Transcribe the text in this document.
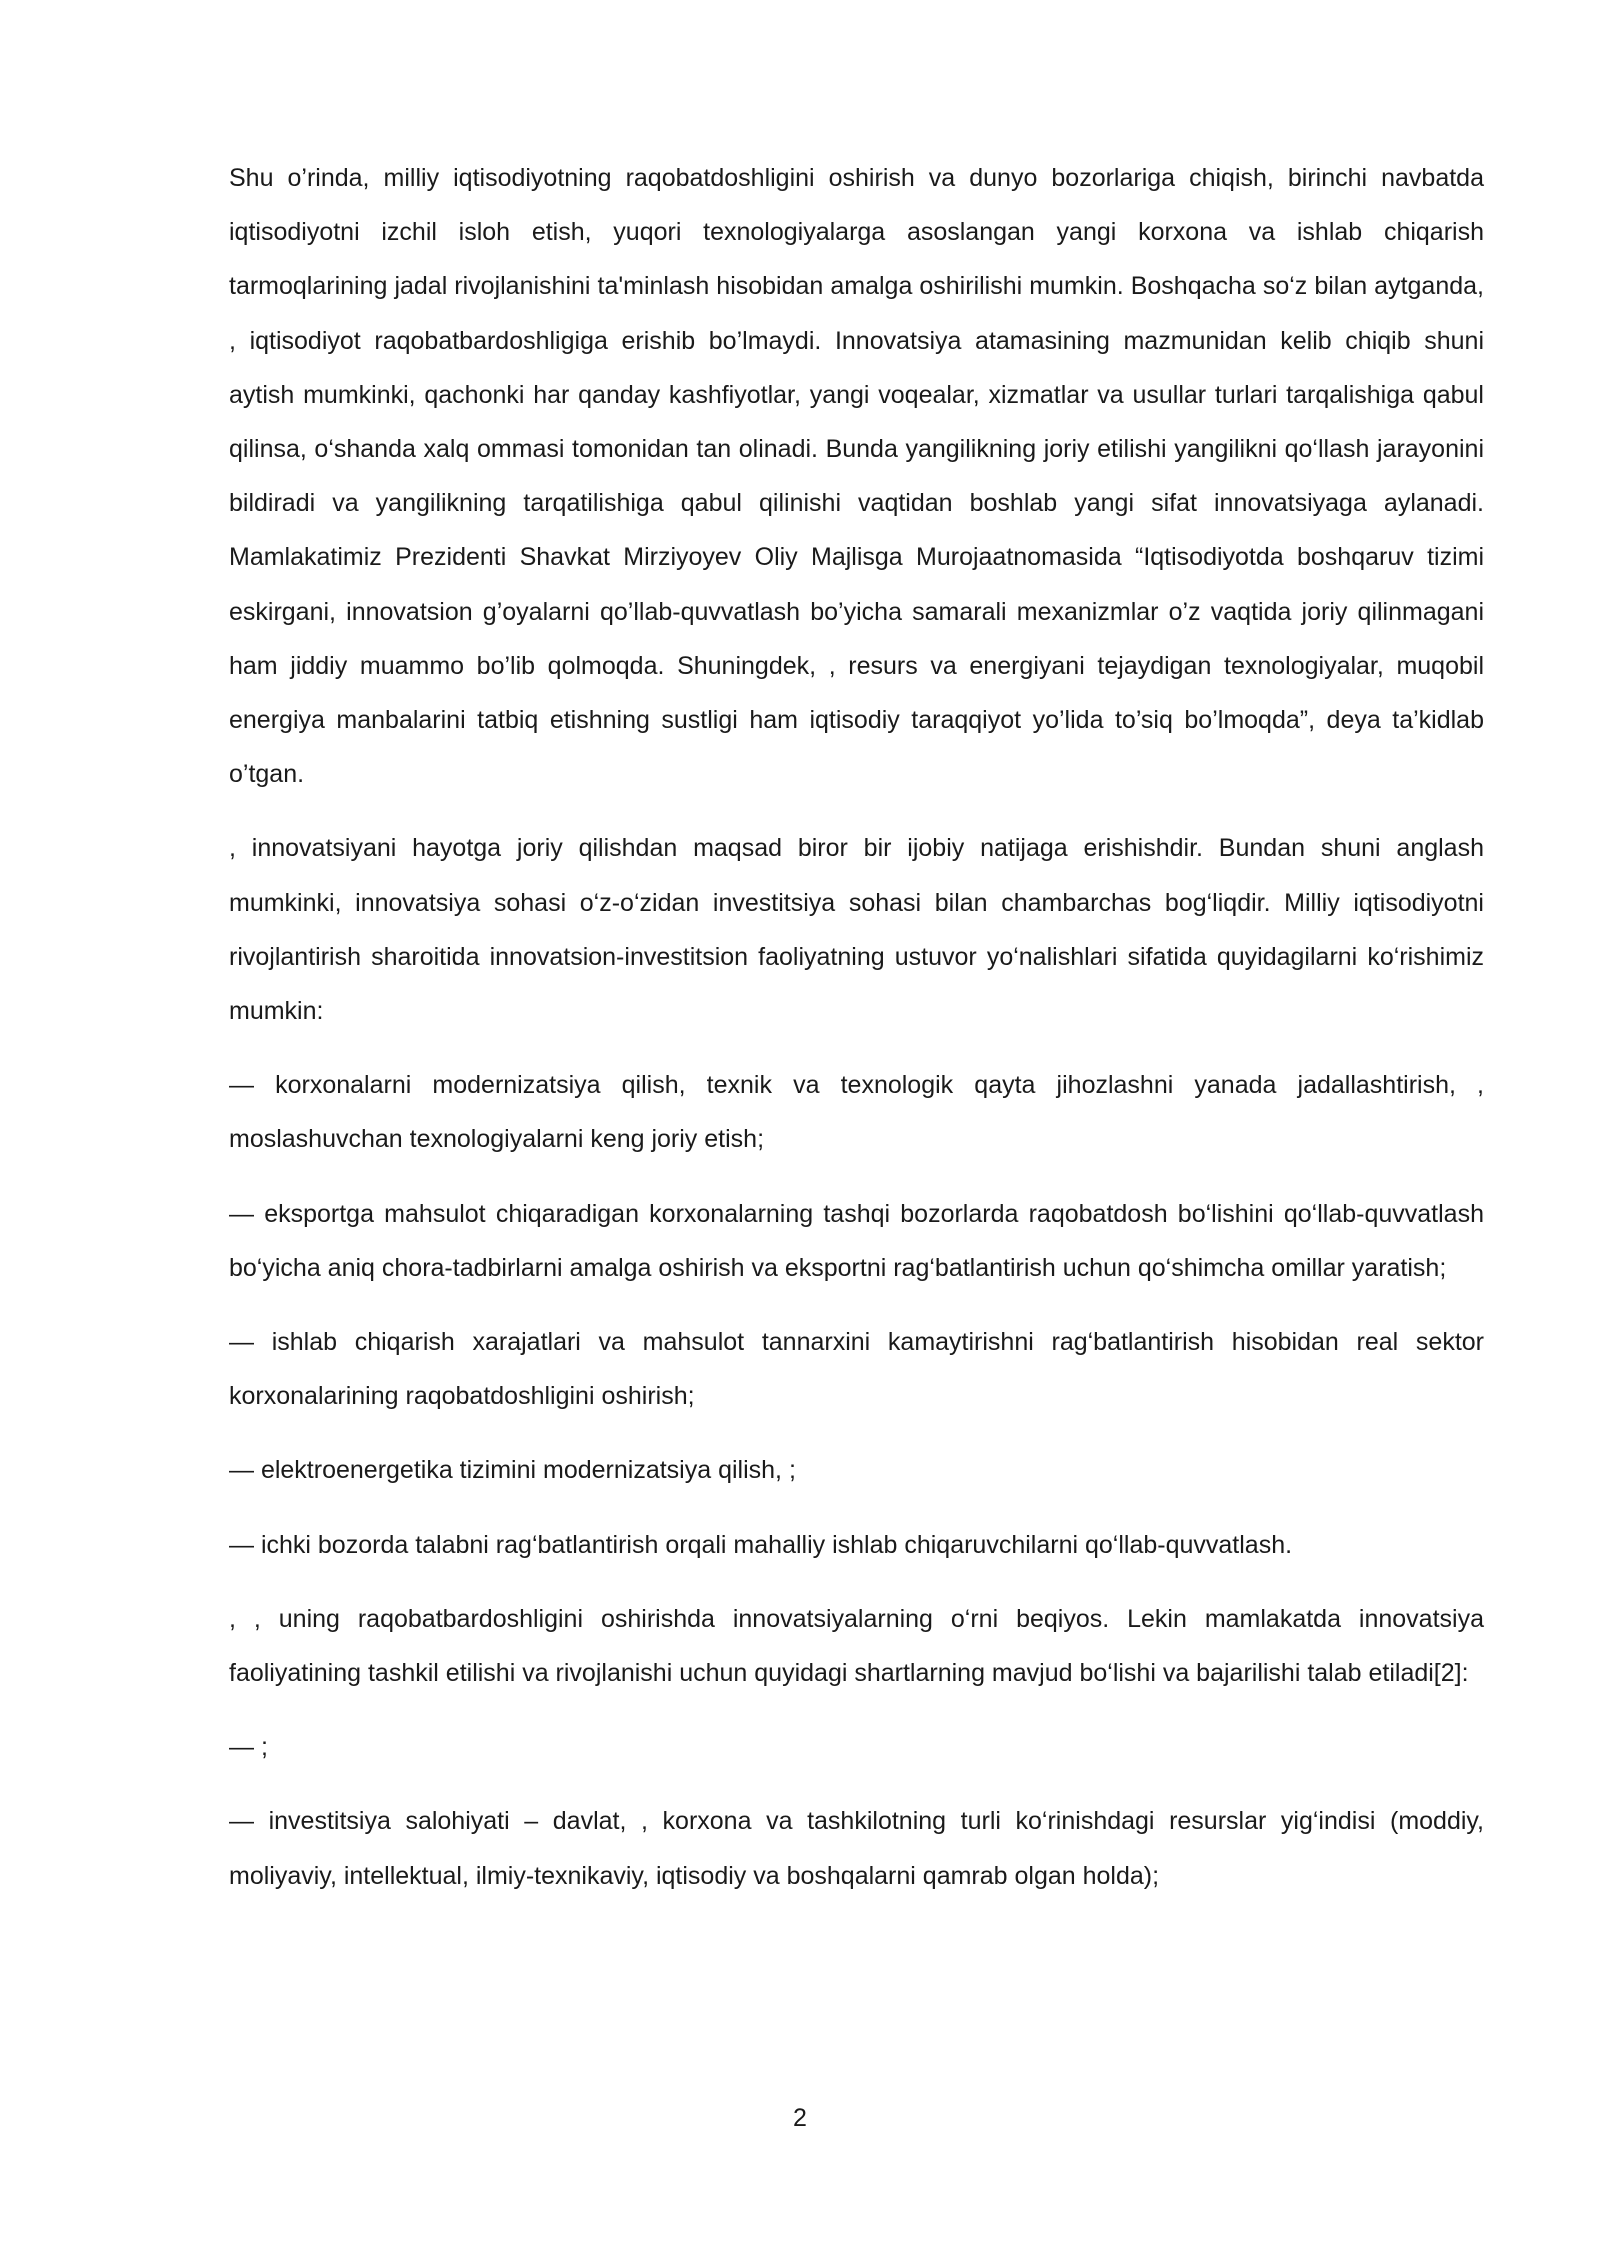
Shu o’rinda, milliy iqtisodiyotning raqobatdoshligini oshirish va dunyo bozorlariga chiqish, birinchi navbatda iqtisodiyotni izchil isloh etish, yuqori texnologiyalarga asoslangan yangi korxona va ishlab chiqarish tarmoqlarining jadal rivojlanishini ta'minlash hisobidan amalga oshirilishi mumkin. Boshqacha so‘z bilan aytganda, , iqtisodiyot raqobatbardoshligiga erishib bo’lmaydi. Innovatsiya atamasining mazmunidan kelib chiqib shuni aytish mumkinki, qachonki har qanday kashfiyotlar, yangi voqealar, xizmatlar va usullar turlari tarqalishiga qabul qilinsa, o‘shanda xalq ommasi tomonidan tan olinadi. Bunda yangilikning joriy etilishi yangilikni qo‘llash jarayonini bildiradi va yangilikning tarqatilishiga qabul qilinishi vaqtidan boshlab yangi sifat innovatsiyaga aylanadi. Mamlakatimiz Prezidenti Shavkat Mirziyoyev Oliy Majlisga Murojaatnomasida “Iqtisodiyotda boshqaruv tizimi eskirgani, innovatsion g’oyalarni qo’llab-quvvatlash bo’yicha samarali mexanizmlar o’z vaqtida joriy qilinmagani ham jiddiy muammo bo’lib qolmoqda. Shuningdek, , resurs va energiyani tejaydigan texnologiyalar, muqobil energiya manbalarini tatbiq etishning sustligi ham iqtisodiy taraqqiyot yo’lida to’siq bo’lmoqda”, deya ta’kidlab o’tgan.

, innovatsiyani hayotga joriy qilishdan maqsad biror bir ijobiy natijaga erishishdir. Bundan shuni anglash mumkinki, innovatsiya sohasi o‘z-o‘zidan investitsiya sohasi bilan chambarchas bog‘liqdir. Milliy iqtisodiyotni rivojlantirish sharoitida innovatsion-investitsion faoliyatning ustuvor yo‘nalishlari sifatida quyidagilarni ko‘rishimiz mumkin:

— korxonalarni modernizatsiya qilish, texnik va texnologik qayta jihozlashni yanada jadallashtirish, , moslashuvchan texnologiyalarni keng joriy etish;

— eksportga mahsulot chiqaradigan korxonalarning tashqi bozorlarda raqobatdosh bo‘lishini qo‘llab-quvvatlash bo‘yicha aniq chora-tadbirlarni amalga oshirish va eksportni rag‘batlantirish uchun qo‘shimcha omillar yaratish;

— ishlab chiqarish xarajatlari va mahsulot tannarxini kamaytirishni rag‘batlantirish hisobidan real sektor korxonalarining raqobatdoshligini oshirish;

— elektroenergetika tizimini modernizatsiya qilish, ;

— ichki bozorda talabni rag‘batlantirish orqali mahalliy ishlab chiqaruvchilarni qo‘llab-quvvatlash.

, , uning raqobatbardoshligini oshirishda innovatsiyalarning o‘rni beqiyos. Lekin mamlakatda innovatsiya faoliyatining tashkil etilishi va rivojlanishi uchun quyidagi shartlarning mavjud bo‘lishi va bajarilishi talab etiladi[2]:

— ;

— investitsiya salohiyati – davlat, , korxona va tashkilotning turli ko‘rinishdagi resurslar yig‘indisi (moddiy, moliyaviy, intellektual, ilmiy-texnikaviy, iqtisodiy va boshqalarni qamrab olgan holda);

2
